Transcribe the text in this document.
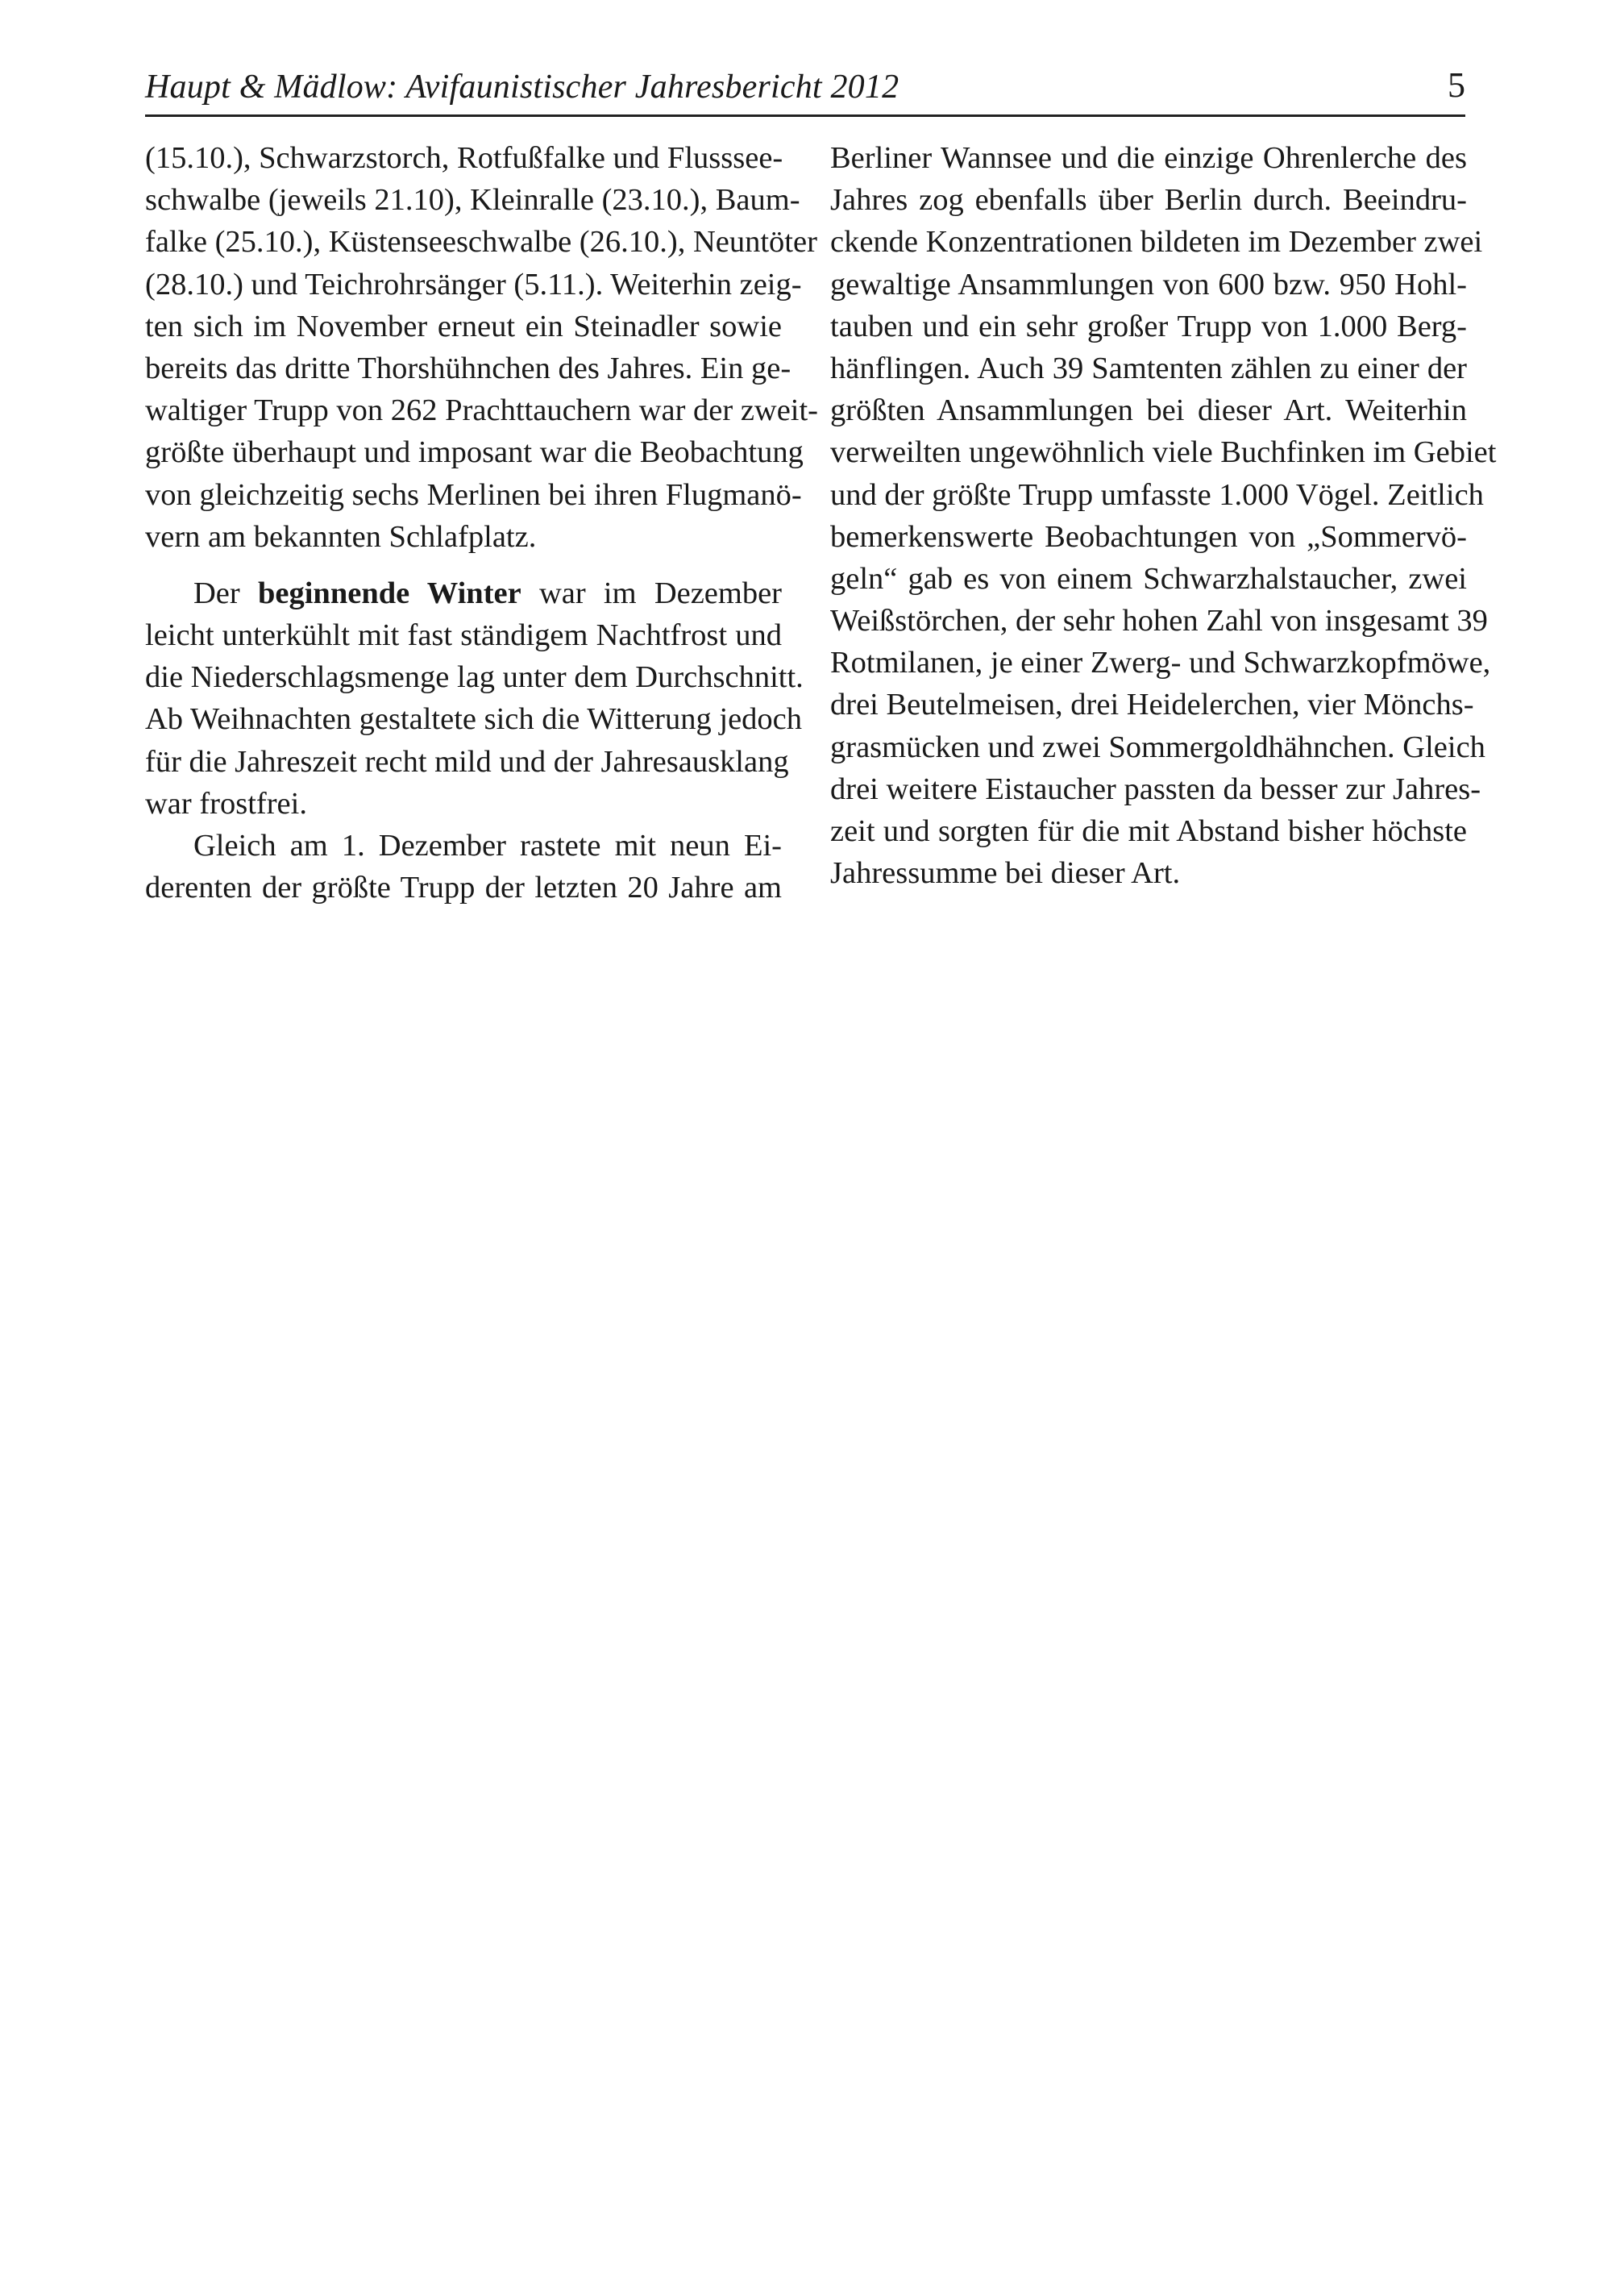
Haupt & Mädlow: Avifaunistischer Jahresbericht 2012	5
(15.10.), Schwarzstorch, Rotfußfalke und Flusssee-
schwalbe (jeweils 21.10), Kleinralle (23.10.), Baum-
falke (25.10.), Küstenseeschwalbe (26.10.), Neuntöter
(28.10.) und Teichrohrsänger (5.11.). Weiterhin zeig-
ten sich im November erneut ein Steinadler sowie
bereits das dritte Thorshühnchen des Jahres. Ein ge-
waltiger Trupp von 262 Prachttauchern war der zweit-
größte überhaupt und imposant war die Beobachtung
von gleichzeitig sechs Merlinen bei ihren Flugmanö-
vern am bekannten Schlafplatz.
Der beginnende Winter war im Dezember
leicht unterkühlt mit fast ständigem Nachtfrost und
die Niederschlagsmenge lag unter dem Durchschnitt.
Ab Weihnachten gestaltete sich die Witterung jedoch
für die Jahreszeit recht mild und der Jahresausklang
war frostfrei.
Gleich am 1. Dezember rastete mit neun Ei-
derenten der größte Trupp der letzten 20 Jahre am
Berliner Wannsee und die einzige Ohrenlerche des
Jahres zog ebenfalls über Berlin durch. Beeindru-
ckende Konzentrationen bildeten im Dezember zwei
gewaltige Ansammlungen von 600 bzw. 950 Hohl-
tauben und ein sehr großer Trupp von 1.000 Berg-
hänflingen. Auch 39 Samtenten zählen zu einer der
größten Ansammlungen bei dieser Art. Weiterhin
verweilten ungewöhnlich viele Buchfinken im Gebiet
und der größte Trupp umfasste 1.000 Vögel. Zeitlich
bemerkenswerte Beobachtungen von „Sommervö-
geln“ gab es von einem Schwarzhalstaucher, zwei
Weißstörchen, der sehr hohen Zahl von insgesamt 39
Rotmilanen, je einer Zwerg- und Schwarzkopfmöwe,
drei Beutelmeisen, drei Heidelerchen, vier Mönchs-
grasmücken und zwei Sommergoldhähnchen. Gleich
drei weitere Eistaucher passten da besser zur Jahres-
zeit und sorgten für die mit Abstand bisher höchste
Jahressumme bei dieser Art.
